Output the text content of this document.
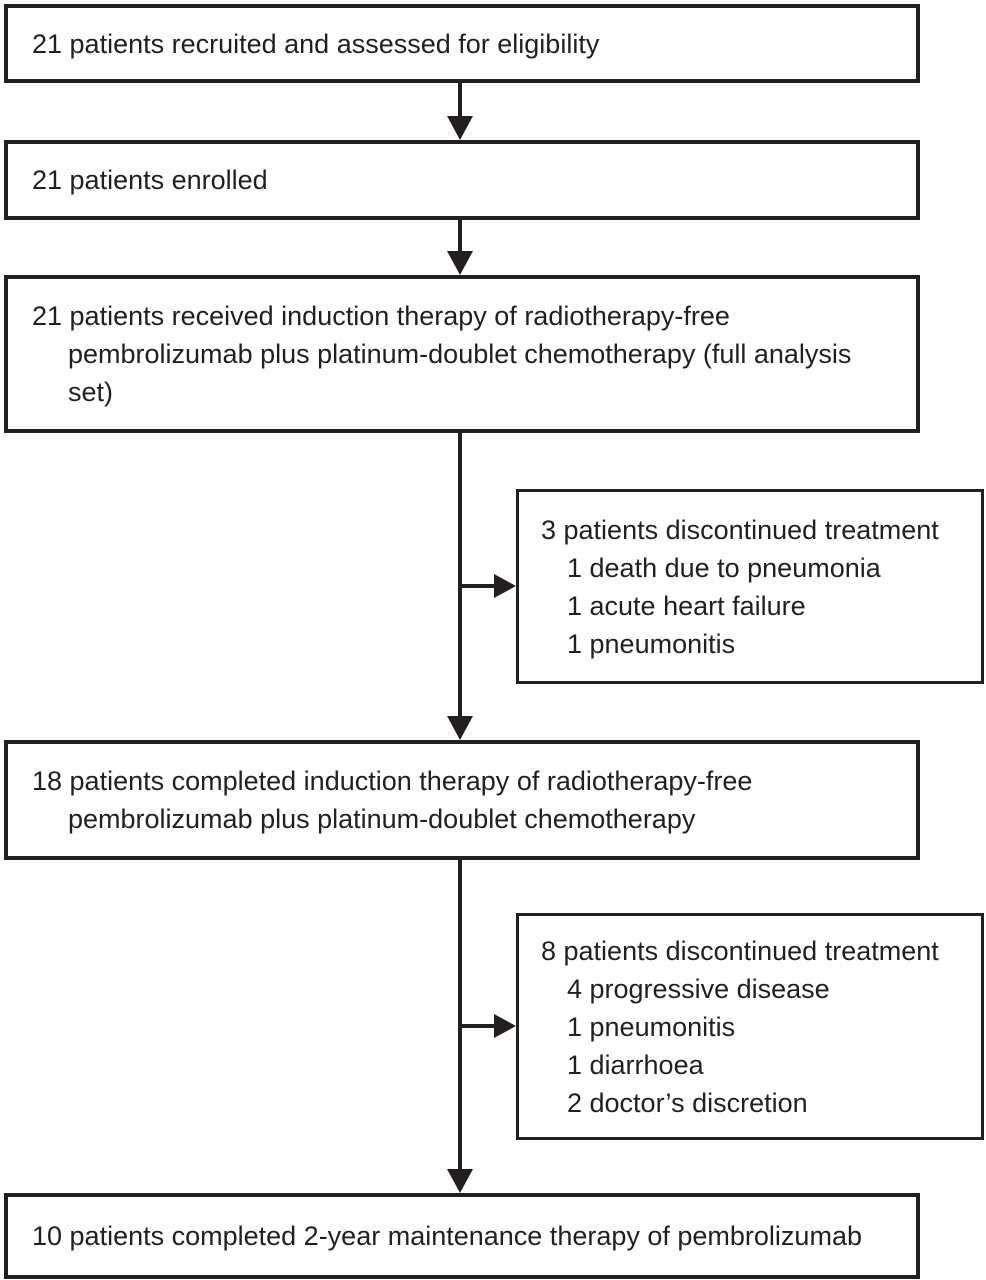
21 patients recruited and assessed for eligibility
21 patients enrolled
21 patients received induction therapy of radiotherapy-free
pembrolizumab plus platinum-doublet chemotherapy (full analysis
set)
18 patients completed induction therapy of radiotherapy-free
pembrolizumab plus platinum-doublet chemotherapy
10 patients completed 2-year maintenance therapy of pembrolizumab
3 patients discontinued treatment
1 death due to pneumonia
1 acute heart failure
1 pneumonitis
8 patients discontinued treatment
4 progressive disease
1 pneumonitis
1 diarrhoea
2 doctor’s discretion
